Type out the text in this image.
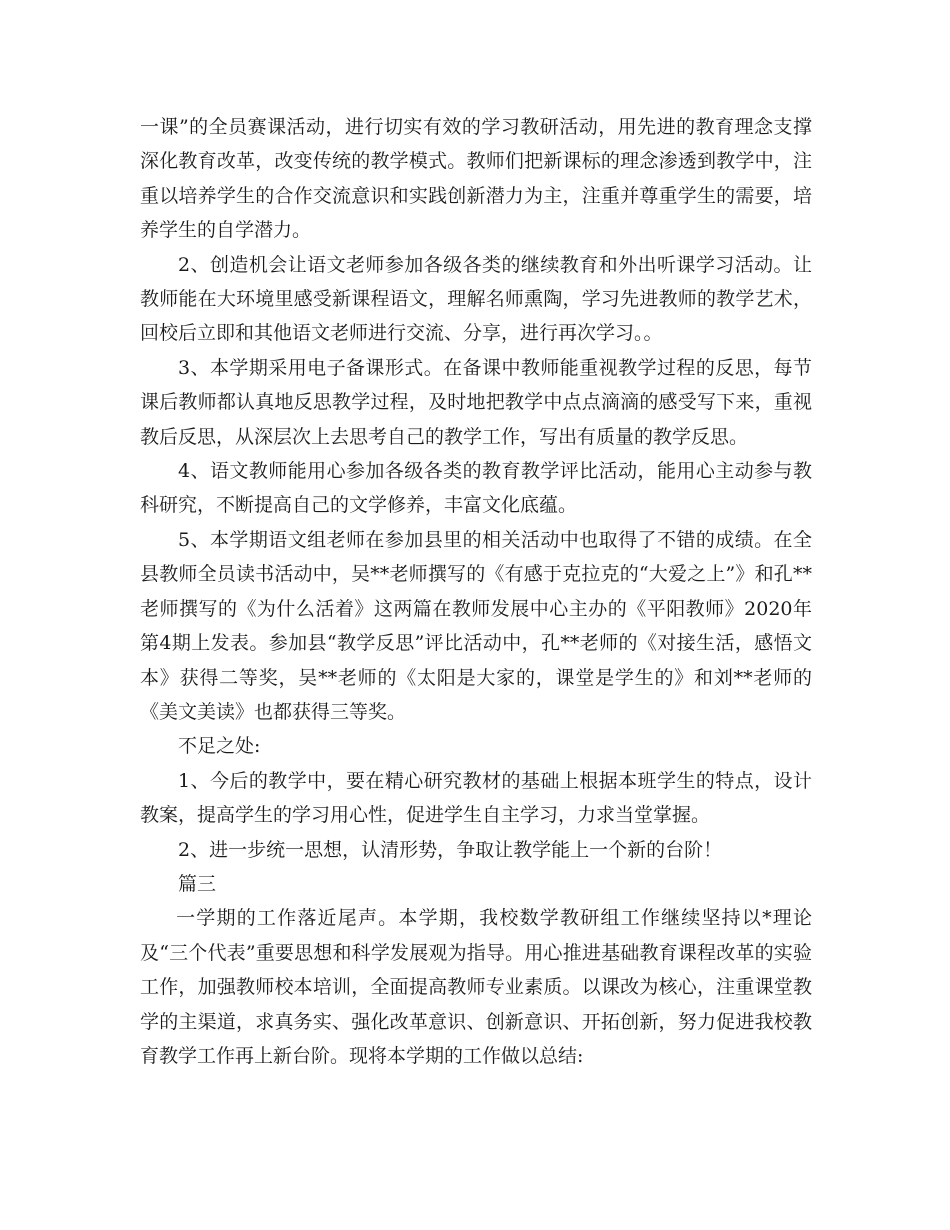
一课”的全员赛课活动，进行切实有效的学习教研活动，用先进的教育理念支撑深化教育改革，改变传统的教学模式。教师们把新课标的理念渗透到教学中，注重以培养学生的合作交流意识和实践创新潜力为主，注重并尊重学生的需要，培养学生的自学潜力。

2、创造机会让语文老师参加各级各类的继续教育和外出听课学习活动。让教师能在大环境里感受新课程语文，理解名师熏陶，学习先进教师的教学艺术，回校后立即和其他语文老师进行交流、分享，进行再次学习。。

3、本学期采用电子备课形式。在备课中教师能重视教学过程的反思，每节课后教师都认真地反思教学过程，及时地把教学中点点滴滴的感受写下来，重视教后反思，从深层次上去思考自己的教学工作，写出有质量的教学反思。

4、语文教师能用心参加各级各类的教育教学评比活动，能用心主动参与教科研究，不断提高自己的文学修养，丰富文化底蕴。

5、本学期语文组老师在参加县里的相关活动中也取得了不错的成绩。在全县教师全员读书活动中，吴**老师撰写的《有感于克拉克的“大爱之上”》和孔**老师撰写的《为什么活着》这两篇在教师发展中心主办的《平阳教师》2020年第4期上发表。参加县“教学反思”评比活动中，孔**老师的《对接生活，感悟文本》获得二等奖，吴**老师的《太阳是大家的，课堂是学生的》和刘**老师的《美文美读》也都获得三等奖。

不足之处:

1、今后的教学中，要在精心研究教材的基础上根据本班学生的特点，设计教案，提高学生的学习用心性，促进学生自主学习，力求当堂掌握。

2、进一步统一思想，认清形势，争取让教学能上一个新的台阶！

篇三

一学期的工作落近尾声。本学期，我校数学教研组工作继续坚持以*理论及“三个代表”重要思想和科学发展观为指导。用心推进基础教育课程改革的实验工作，加强教师校本培训，全面提高教师专业素质。以课改为核心，注重课堂教学的主渠道，求真务实、强化改革意识、创新意识、开拓创新，努力促进我校教育教学工作再上新台阶。现将本学期的工作做以总结:
